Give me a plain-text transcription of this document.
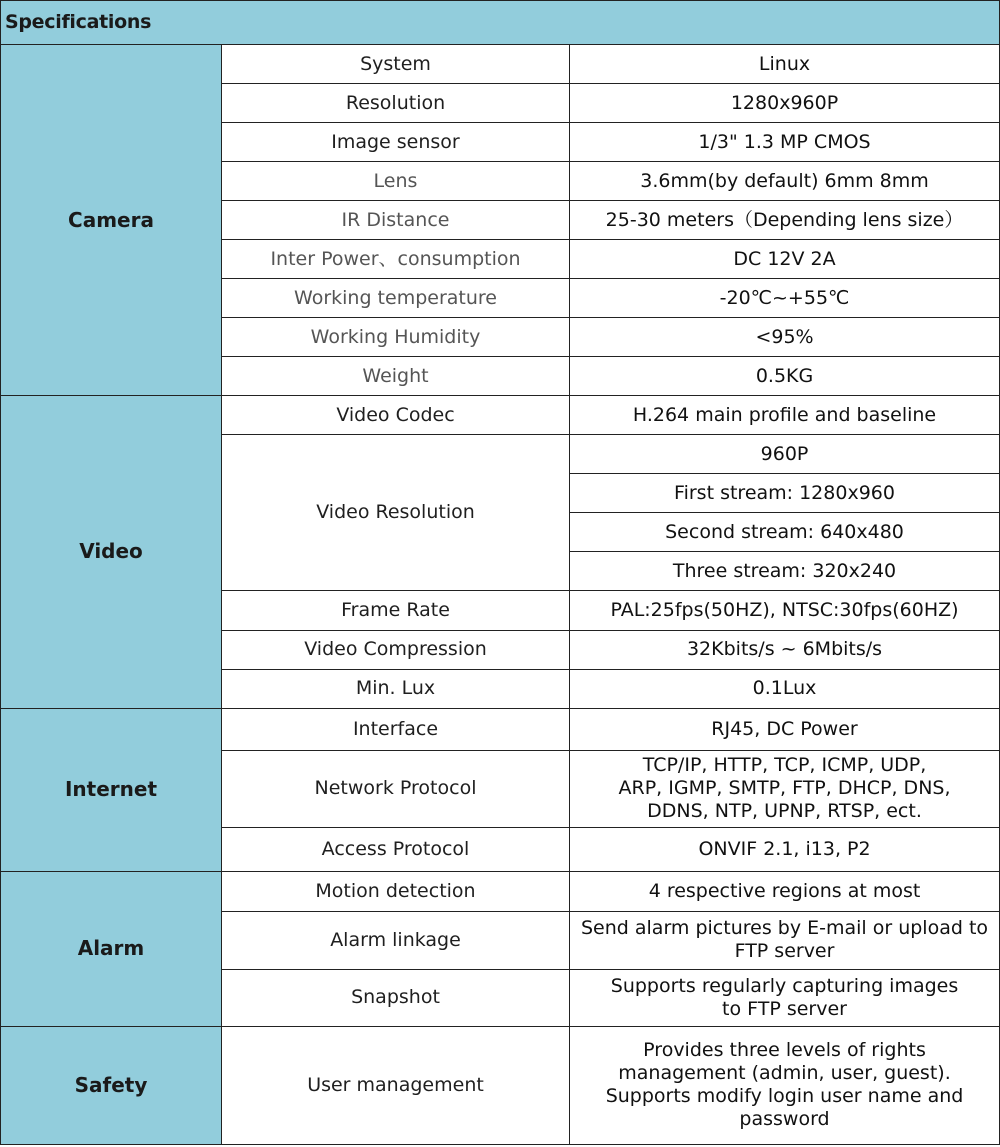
Specifications		
Camera	System	Linux
	Resolution	1280x960P
	Image sensor	1/3" 1.3 MP CMOS
	Lens	3.6mm(by default) 6mm 8mm
	IR Distance	25-30 meters（Depending lens size）
	Inter Power、consumption	DC 12V 2A
	Working temperature	-20℃~+55℃
	Working Humidity	<95%
	Weight	0.5KG
Video	Video Codec	H.264 main profile and baseline
	Video Resolution	960P
		First stream: 1280x960
		Second stream: 640x480
		Three stream: 320x240
	Frame Rate	PAL:25fps(50HZ), NTSC:30fps(60HZ)
	Video Compression	32Kbits/s ~ 6Mbits/s
	Min. Lux	0.1Lux
Internet	Interface	RJ45, DC Power
	Network Protocol	TCP/IP, HTTP, TCP, ICMP, UDP,
ARP, IGMP, SMTP, FTP, DHCP, DNS,
DDNS, NTP, UPNP, RTSP, ect.
	Access Protocol	ONVIF 2.1, i13, P2
Alarm	Motion detection	4 respective regions at most
	Alarm linkage	Send alarm pictures by E-mail or upload to
FTP server
	Snapshot	Supports regularly capturing images
to FTP server
Safety	User management	Provides three levels of rights
management (admin, user, guest).
Supports modify login user name and
password
